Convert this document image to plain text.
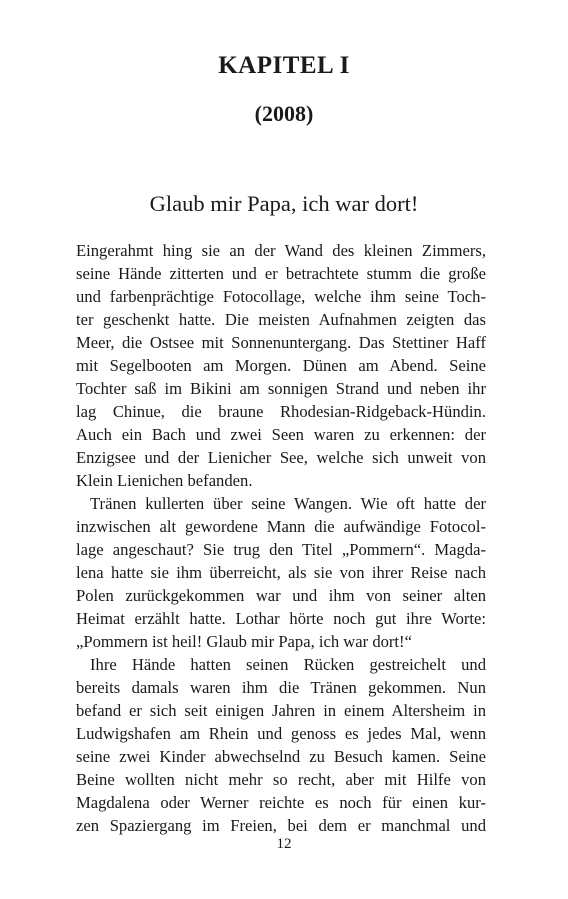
KAPITEL I
(2008)
Glaub mir Papa, ich war dort!
Eingerahmt hing sie an der Wand des kleinen Zimmers,
seine Hände zitterten und er betrachtete stumm die große
und farbenprächtige Fotocollage, welche ihm seine Toch-
ter geschenkt hatte. Die meisten Aufnahmen zeigten das
Meer, die Ostsee mit Sonnenuntergang. Das Stettiner Haff
mit Segelbooten am Morgen. Dünen am Abend. Seine
Tochter saß im Bikini am sonnigen Strand und neben ihr
lag Chinue, die braune Rhodesian-Ridgeback-Hündin.
Auch ein Bach und zwei Seen waren zu erkennen: der
Enzigsee und der Lienicher See, welche sich unweit von
Klein Lienichen befanden.
Tränen kullerten über seine Wangen. Wie oft hatte der
inzwischen alt gewordene Mann die aufwändige Fotocol-
lage angeschaut? Sie trug den Titel „Pommern“. Magda-
lena hatte sie ihm überreicht, als sie von ihrer Reise nach
Polen zurückgekommen war und ihm von seiner alten
Heimat erzählt hatte. Lothar hörte noch gut ihre Worte:
„Pommern ist heil! Glaub mir Papa, ich war dort!“
Ihre Hände hatten seinen Rücken gestreichelt und
bereits damals waren ihm die Tränen gekommen. Nun
befand er sich seit einigen Jahren in einem Altersheim in
Ludwigshafen am Rhein und genoss es jedes Mal, wenn
seine zwei Kinder abwechselnd zu Besuch kamen. Seine
Beine wollten nicht mehr so recht, aber mit Hilfe von
Magdalena oder Werner reichte es noch für einen kur-
zen Spaziergang im Freien, bei dem er manchmal und
12
